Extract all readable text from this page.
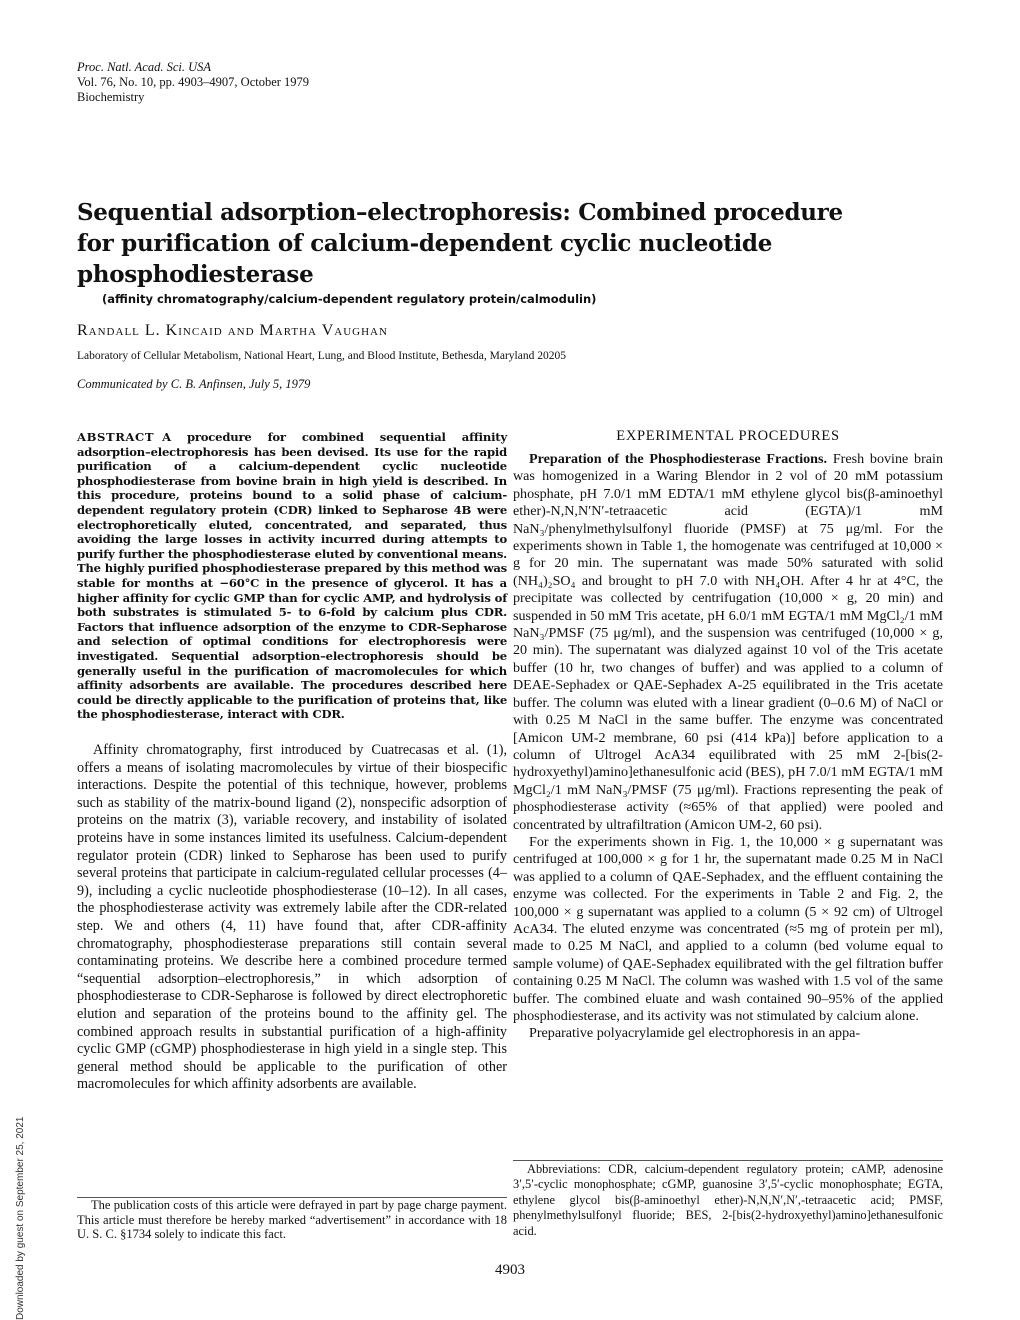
Proc. Natl. Acad. Sci. USA
Vol. 76, No. 10, pp. 4903–4907, October 1979
Biochemistry
Sequential adsorption–electrophoresis: Combined procedure for purification of calcium-dependent cyclic nucleotide phosphodiesterase
(affinity chromatography/calcium-dependent regulatory protein/calmodulin)
Randall L. Kincaid and Martha Vaughan
Laboratory of Cellular Metabolism, National Heart, Lung, and Blood Institute, Bethesda, Maryland 20205
Communicated by C. B. Anfinsen, July 5, 1979
ABSTRACT A procedure for combined sequential affinity adsorption–electrophoresis has been devised. Its use for the rapid purification of a calcium-dependent cyclic nucleotide phosphodiesterase from bovine brain in high yield is described. In this procedure, proteins bound to a solid phase of calcium-dependent regulatory protein (CDR) linked to Sepharose 4B were electrophoretically eluted, concentrated, and separated, thus avoiding the large losses in activity incurred during attempts to purify further the phosphodiesterase eluted by conventional means. The highly purified phosphodiesterase prepared by this method was stable for months at −60°C in the presence of glycerol. It has a higher affinity for cyclic GMP than for cyclic AMP, and hydrolysis of both substrates is stimulated 5- to 6-fold by calcium plus CDR. Factors that influence adsorption of the enzyme to CDR-Sepharose and selection of optimal conditions for electrophoresis were investigated. Sequential adsorption–electrophoresis should be generally useful in the purification of macromolecules for which affinity adsorbents are available. The procedures described here could be directly applicable to the purification of proteins that, like the phosphodiesterase, interact with CDR.

Affinity chromatography, first introduced by Cuatrecasas et al. (1), offers a means of isolating macromolecules by virtue of their biospecific interactions. Despite the potential of this technique, however, problems such as stability of the matrix-bound ligand (2), nonspecific adsorption of proteins on the matrix (3), variable recovery, and instability of isolated proteins have in some instances limited its usefulness. Calcium-dependent regulator protein (CDR) linked to Sepharose has been used to purify several proteins that participate in calcium-regulated cellular processes (4–9), including a cyclic nucleotide phosphodiesterase (10–12). In all cases, the phosphodiesterase activity was extremely labile after the CDR-related step. We and others (4, 11) have found that, after CDR-affinity chromatography, phosphodiesterase preparations still contain several contaminating proteins. We describe here a combined procedure termed “sequential adsorption–electrophoresis,” in which adsorption of phosphodiesterase to CDR-Sepharose is followed by direct electrophoretic elution and separation of the proteins bound to the affinity gel. The combined approach results in substantial purification of a high-affinity cyclic GMP (cGMP) phosphodiesterase in high yield in a single step. This general method should be applicable to the purification of other macromolecules for which affinity adsorbents are available.

The publication costs of this article were defrayed in part by page charge payment. This article must therefore be hereby marked “advertisement” in accordance with 18 U. S. C. §1734 solely to indicate this fact.

EXPERIMENTAL PROCEDURES

Preparation of the Phosphodiesterase Fractions. Fresh bovine brain was homogenized in a Waring Blendor in 2 vol of 20 mM potassium phosphate, pH 7.0/1 mM EDTA/1 mM ethylene glycol bis(β-aminoethyl ether)-N,N,N′N′-tetraacetic acid (EGTA)/1 mM NaN₃/phenylmethylsulfonyl fluoride (PMSF) at 75 μg/ml. For the experiments shown in Table 1, the homogenate was centrifuged at 10,000 × g for 20 min. The supernatant was made 50% saturated with solid (NH₄)₂SO₄ and brought to pH 7.0 with NH₄OH. After 4 hr at 4°C, the precipitate was collected by centrifugation (10,000 × g, 20 min) and suspended in 50 mM Tris acetate, pH 6.0/1 mM EGTA/1 mM MgCl₂/1 mM NaN₃/PMSF (75 μg/ml), and the suspension was centrifuged (10,000 × g, 20 min). The supernatant was dialyzed against 10 vol of the Tris acetate buffer (10 hr, two changes of buffer) and was applied to a column of DEAE-Sephadex or QAE-Sephadex A-25 equilibrated in the Tris acetate buffer. The column was eluted with a linear gradient (0–0.6 M) of NaCl or with 0.25 M NaCl in the same buffer. The enzyme was concentrated [Amicon UM-2 membrane, 60 psi (414 kPa)] before application to a column of Ultrogel AcA34 equilibrated with 25 mM 2-[bis(2-hydroxyethyl)amino]ethanesulfonic acid (BES), pH 7.0/1 mM EGTA/1 mM MgCl₂/1 mM NaN₃/PMSF (75 μg/ml). Fractions representing the peak of phosphodiesterase activity (≈65% of that applied) were pooled and concentrated by ultrafiltration (Amicon UM-2, 60 psi).

For the experiments shown in Fig. 1, the 10,000 × g supernatant was centrifuged at 100,000 × g for 1 hr, the supernatant made 0.25 M in NaCl was applied to a column of QAE-Sephadex, and the effluent containing the enzyme was collected. For the experiments in Table 2 and Fig. 2, the 100,000 × g supernatant was applied to a column (5 × 92 cm) of Ultrogel AcA34. The eluted enzyme was concentrated (≈5 mg of protein per ml), made to 0.25 M NaCl, and applied to a column (bed volume equal to sample volume) of QAE-Sephadex equilibrated with the gel filtration buffer containing 0.25 M NaCl. The column was washed with 1.5 vol of the same buffer. The combined eluate and wash contained 90–95% of the applied phosphodiesterase, and its activity was not stimulated by calcium alone.

Preparative polyacrylamide gel electrophoresis in an appa-

Abbreviations: CDR, calcium-dependent regulatory protein; cAMP, adenosine 3′,5′-cyclic monophosphate; cGMP, guanosine 3′,5′-cyclic monophosphate; EGTA, ethylene glycol bis(β-aminoethyl ether)-N,N,N′,N′,-tetraacetic acid; PMSF, phenylmethylsulfonyl fluoride; BES, 2-[bis(2-hydroxyethyl)amino]ethanesulfonic acid.

4903
Downloaded by guest on September 25, 2021
